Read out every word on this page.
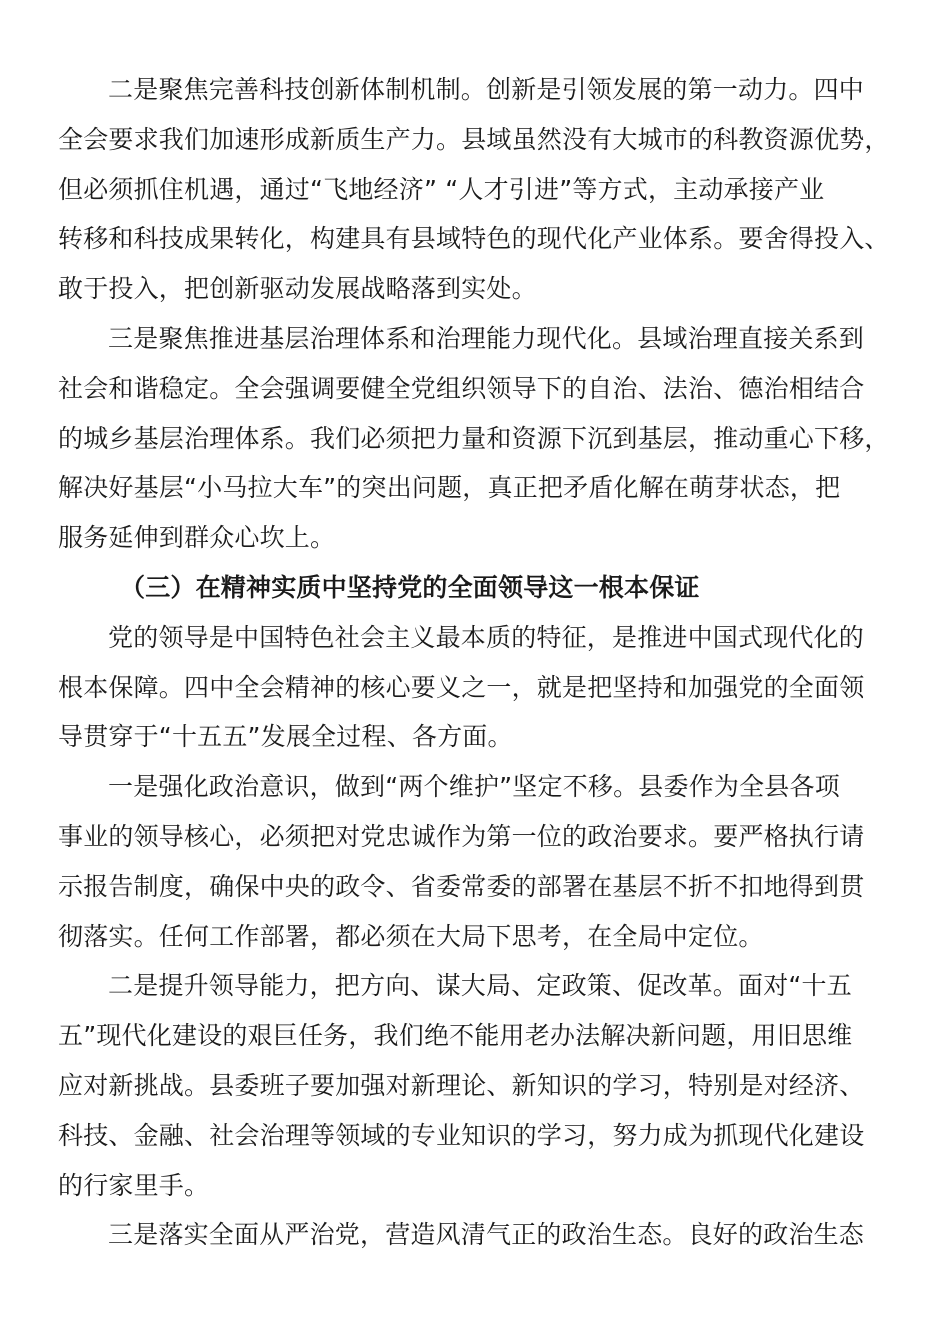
二是聚焦完善科技创新体制机制。创新是引领发展的第一动力。四中
全会要求我们加速形成新质生产力。县域虽然没有大城市的科教资源优势，
但必须抓住机遇，通过“飞地经济” “人才引进”等方式，主动承接产业
转移和科技成果转化，构建具有县域特色的现代化产业体系。要舍得投入、
敢于投入，把创新驱动发展战略落到实处。
三是聚焦推进基层治理体系和治理能力现代化。县域治理直接关系到
社会和谐稳定。全会强调要健全党组织领导下的自治、法治、德治相结合
的城乡基层治理体系。我们必须把力量和资源下沉到基层，推动重心下移，
解决好基层“小马拉大车”的突出问题，真正把矛盾化解在萌芽状态，把
服务延伸到群众心坎上。
（三）在精神实质中坚持党的全面领导这一根本保证
党的领导是中国特色社会主义最本质的特征，是推进中国式现代化的
根本保障。四中全会精神的核心要义之一，就是把坚持和加强党的全面领
导贯穿于“十五五”发展全过程、各方面。
一是强化政治意识，做到“两个维护”坚定不移。县委作为全县各项
事业的领导核心，必须把对党忠诚作为第一位的政治要求。要严格执行请
示报告制度，确保中央的政令、省委常委的部署在基层不折不扣地得到贯
彻落实。任何工作部署，都必须在大局下思考，在全局中定位。
二是提升领导能力，把方向、谋大局、定政策、促改革。面对“十五
五”现代化建设的艰巨任务，我们绝不能用老办法解决新问题，用旧思维
应对新挑战。县委班子要加强对新理论、新知识的学习，特别是对经济、
科技、金融、社会治理等领域的专业知识的学习，努力成为抓现代化建设
的行家里手。
三是落实全面从严治党，营造风清气正的政治生态。良好的政治生态
